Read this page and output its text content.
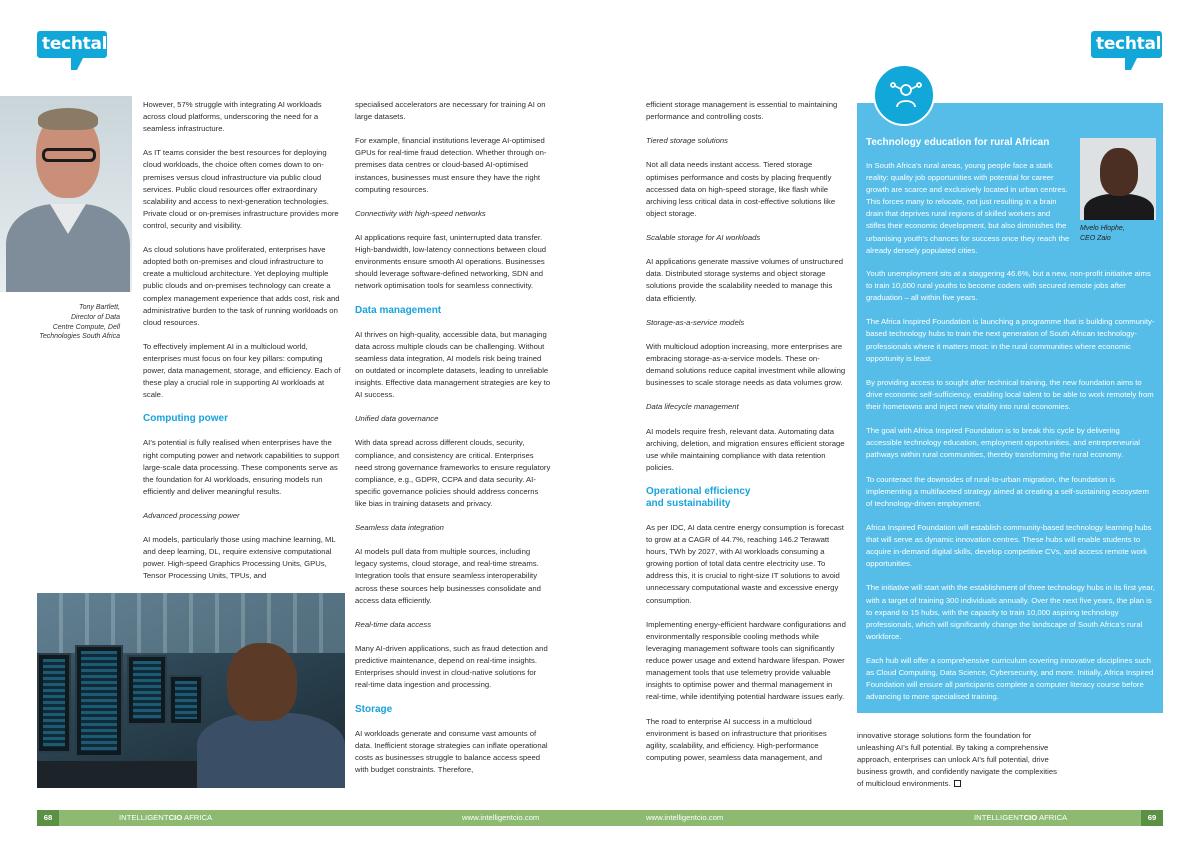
techtalk	techtalk
Tony Bartlett,
Director of Data
Centre Compute, Dell
Technologies South Africa

However, 57% struggle with integrating AI workloads across cloud platforms, underscoring the need for a seamless infrastructure.

As IT teams consider the best resources for deploying cloud workloads, the choice often comes down to on-premises versus cloud infrastructure via public cloud services. Public cloud resources offer extraordinary scalability and access to next-generation technologies. Private cloud or on-premises infrastructure provides more control, security and visibility.

As cloud solutions have proliferated, enterprises have adopted both on-premises and cloud infrastructure to create a multicloud architecture. Yet deploying multiple public clouds and on-premises technology can create a complex management experience that adds cost, risk and administrative burden to the task of running workloads on cloud resources.

To effectively implement AI in a multicloud world, enterprises must focus on four key pillars: computing power, data management, storage, and efficiency. Each of these play a crucial role in supporting AI workloads at scale.

Computing power

AI’s potential is fully realised when enterprises have the right computing power and network capabilities to support large-scale data processing. These components serve as the foundation for AI workloads, ensuring models run efficiently and deliver meaningful results.

Advanced processing power

AI models, particularly those using machine learning, ML and deep learning, DL, require extensive computational power. High-speed Graphics Processing Units, GPUs, Tensor Processing Units, TPUs, and

specialised accelerators are necessary for training AI on large datasets.

For example, financial institutions leverage AI-optimised GPUs for real-time fraud detection. Whether through on-premises data centres or cloud-based AI-optimised instances, businesses must ensure they have the right computing resources.

Connectivity with high-speed networks

AI applications require fast, uninterrupted data transfer. High-bandwidth, low-latency connections between cloud environments ensure smooth AI operations. Businesses should leverage software-defined networking, SDN and network optimisation tools for seamless connectivity.

Data management

AI thrives on high-quality, accessible data, but managing data across multiple clouds can be challenging. Without seamless data integration, AI models risk being trained on outdated or incomplete datasets, leading to unreliable insights. Effective data management strategies are key to AI success.

Unified data governance

With data spread across different clouds, security, compliance, and consistency are critical. Enterprises need strong governance frameworks to ensure regulatory compliance, e.g., GDPR, CCPA and data security. AI-specific governance policies should address concerns like bias in training datasets and privacy.

Seamless data integration

AI models pull data from multiple sources, including legacy systems, cloud storage, and real-time streams. Integration tools that ensure seamless interoperability across these sources help businesses consolidate and access data efficiently.

Real-time data access

Many AI-driven applications, such as fraud detection and predictive maintenance, depend on real-time insights. Enterprises should invest in cloud-native solutions for real-time data ingestion and processing.

Storage

AI workloads generate and consume vast amounts of data. Inefficient storage strategies can inflate operational costs as businesses struggle to balance access speed with budget constraints. Therefore,

efficient storage management is essential to maintaining performance and controlling costs.

Tiered storage solutions

Not all data needs instant access. Tiered storage optimises performance and costs by placing frequently accessed data on high-speed storage, like flash while archiving less critical data in cost-effective solutions like object storage.

Scalable storage for AI workloads

AI applications generate massive volumes of unstructured data. Distributed storage systems and object storage solutions provide the scalability needed to manage this data efficiently.

Storage-as-a-service models

With multicloud adoption increasing, more enterprises are embracing storage-as-a-service models. These on-demand solutions reduce capital investment while allowing businesses to scale storage needs as data volumes grow.

Data lifecycle management

AI models require fresh, relevant data. Automating data archiving, deletion, and migration ensures efficient storage use while maintaining compliance with data retention policies.

Operational efficiency
and sustainability

As per IDC, AI data centre energy consumption is forecast to grow at a CAGR of 44.7%, reaching 146.2 Terawatt hours, TWh by 2027, with AI workloads consuming a growing portion of total data centre electricity use. To address this, it is crucial to right-size IT solutions to avoid unnecessary computational waste and excessive energy consumption.

Implementing energy-efficient hardware configurations and environmentally responsible cooling methods while leveraging management software tools can significantly reduce power usage and extend hardware lifespan. Power management tools that use telemetry provide valuable insights to optimise power and thermal management in real-time, while identifying potential hardware issues early.

The road to enterprise AI success in a multicloud environment is based on infrastructure that prioritises agility, scalability, and efficiency. High-performance computing power, seamless data management, and

Technology education for rural African

In South Africa’s rural areas, young people face a stark reality: quality job opportunities with potential for career growth are scarce and exclusively located in urban centres. This forces many to relocate, not just resulting in a brain drain that deprives rural regions of skilled workers and stifles their economic development, but also diminishes the urbanising youth’s chances for success once they reach the already densely populated cities.

Mvelo Hlophe,
CEO Zaio

Youth unemployment sits at a staggering 46.6%, but a new, non-profit initiative aims to train 10,000 rural youths to become coders with secured remote jobs after graduation – all within five years.

The Africa Inspired Foundation is launching a programme that is building community-based technology hubs to train the next generation of South African technology-professionals where it matters most: in the rural communities where economic opportunity is least.

By providing access to sought after technical training, the new foundation aims to drive economic self-sufficiency, enabling local talent to be able to work remotely from their hometowns and inject new vitality into rural economies.

The goal with Africa Inspired Foundation is to break this cycle by delivering accessible technology education, employment opportunities, and entrepreneurial pathways within rural communities, thereby transforming the rural economy.

To counteract the downsides of rural-to-urban migration, the foundation is implementing a multifaceted strategy aimed at creating a self-sustaining ecosystem of technology-driven employment.

Africa Inspired Foundation will establish community-based technology learning hubs that will serve as dynamic innovation centres. These hubs will enable students to acquire in-demand digital skills, develop competitive CVs, and access remote work opportunities.

The initiative will start with the establishment of three technology hubs in its first year, with a target of training 300 individuals annually. Over the next five years, the plan is to expand to 15 hubs, with the capacity to train 10,000 aspiring technology professionals, which will significantly change the landscape of South Africa’s rural workforce.

Each hub will offer a comprehensive curriculum covering innovative disciplines such as Cloud Computing, Data Science, Cybersecurity, and more. Initially, Africa Inspired Foundation will ensure all participants complete a computer literacy course before advancing to more specialised training.

innovative storage solutions form the foundation for unleashing AI’s full potential. By taking a comprehensive approach, enterprises can unlock AI’s full potential, drive business growth, and confidently navigate the complexities of multicloud environments.

68	INTELLIGENTCIO AFRICA	www.intelligentcio.com	www.intelligentcio.com	INTELLIGENTCIO AFRICA	69
